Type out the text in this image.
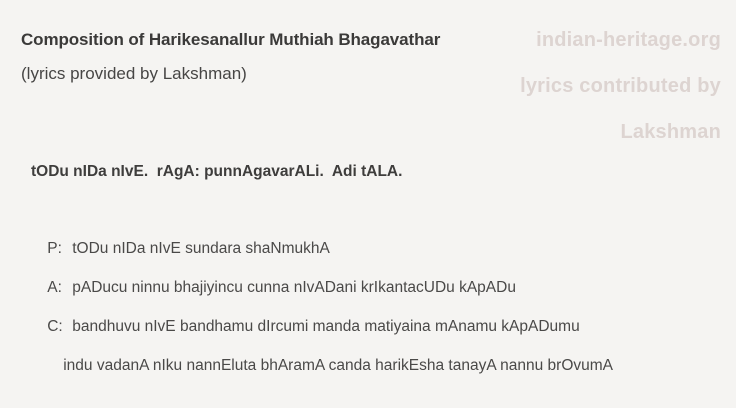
indian-heritage.org
lyrics contributed by
Lakshman
Composition of Harikesanallur Muthiah Bhagavathar
(lyrics provided by Lakshman)
tODu nIDa nIvE.  rAgA: punnAgavarALi.  Adi tALA.

P: tODu nIDa nIvE sundara shaNmukhA

A: pADucu ninnu bhajiyincu cunna nIvADani krIkantacUDu kApADu

C: bandhuvu nIvE bandhamu dIrcumi manda matiyaina mAnamu kApADumu

indu vadanA nIku nannEluta bhAramA canda harikEsha tanayA nannu brOvumA
